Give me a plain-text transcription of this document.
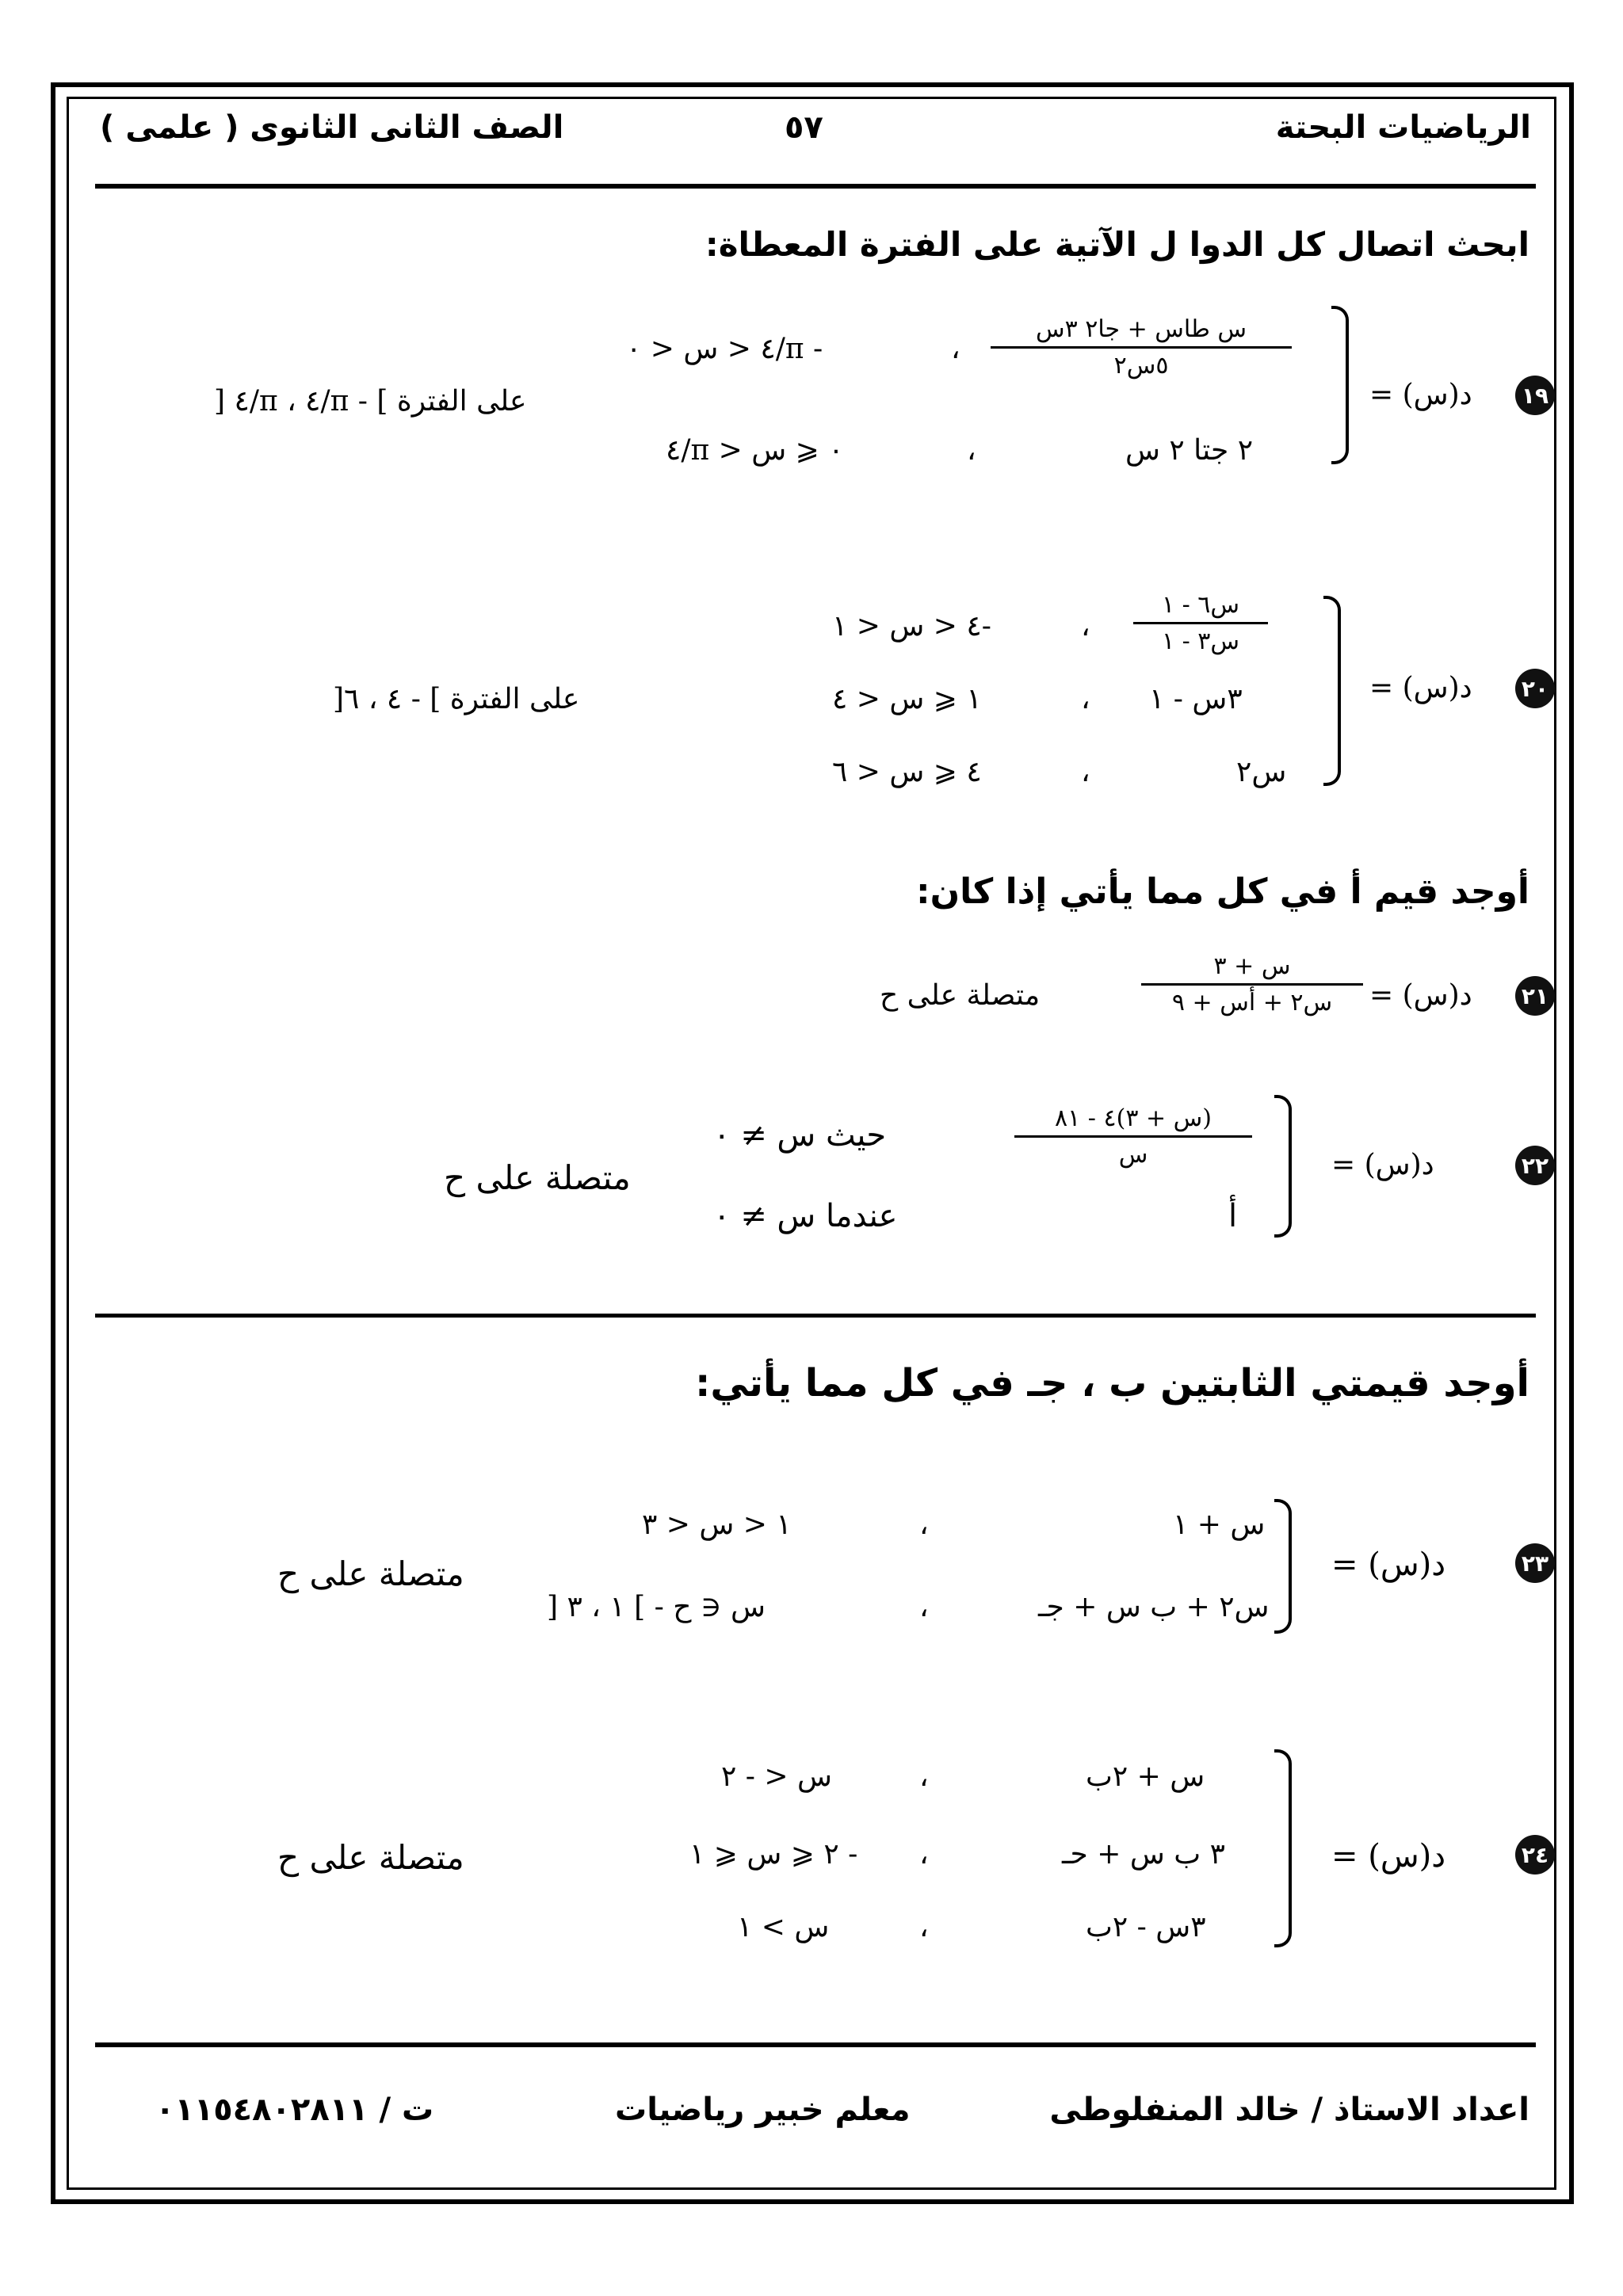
الرياضيات البحتة
٥٧
الصف الثانى الثانوى ( علمى )
ابحث اتصال كل الدوا ل الآتية على الفترة المعطاة:
١٩
د(س) =
س طاس + جا٢ ٣س
٥س٢
،
- π/٤ < س < ٠
٢ جتا ٢ س
،
٠ ⩽ س < π/٤
على الفترة ] - π/٤ ، π/٤ [
٢٠
د(س) =
س٦ - ١
س٣ - ١
،
-٤ < س < ١
٣س - ١
،
١ ⩽ س < ٤
س٢
،
٤ ⩽ س < ٦
على الفترة ] - ٤ ، ٦[
أوجد قيم أ في كل مما يأتي إذا كان:
٢١
د(س) =
س + ٣
س٢ + أس + ٩
متصلة على ح
٢٢
د(س) =
(س + ٣)٤ - ٨١
س
حيث س ≠ ٠
أ
عندما س ≠ ٠
متصلة على ح
أوجد قيمتي الثابتين ب ، جـ في كل مما يأتي:
٢٣
د(س) =
س + ١
،
١ < س < ٣
س٢ + ب س + جـ
،
س ∈ ح - ] ١ ، ٣ [
متصلة على ح
٢٤
د(س) =
س + ٢ب
،
س < - ٢
٣ ب س + حـ
،
- ٢ ⩽ س ⩽ ١
٣س - ٢ب
،
س > ١
متصلة على ح
اعداد الاستاذ / خالد المنفلوطى
معلم خبير رياضيات
ت / ٠١١٥٤٨٠٢٨١١
